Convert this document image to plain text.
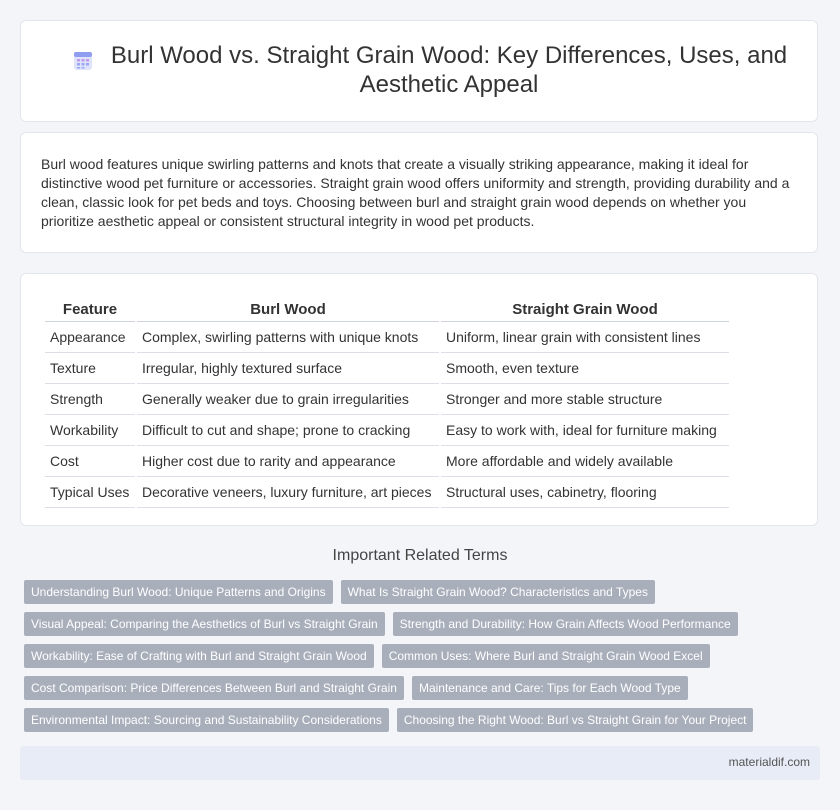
Burl Wood vs. Straight Grain Wood: Key Differences, Uses, and Aesthetic Appeal

Burl wood features unique swirling patterns and knots that create a visually striking appearance, making it ideal for distinctive wood pet furniture or accessories. Straight grain wood offers uniformity and strength, providing durability and a clean, classic look for pet beds and toys. Choosing between burl and straight grain wood depends on whether you prioritize aesthetic appeal or consistent structural integrity in wood pet products.

Feature	Burl Wood	Straight Grain Wood
Appearance	Complex, swirling patterns with unique knots	Uniform, linear grain with consistent lines
Texture	Irregular, highly textured surface	Smooth, even texture
Strength	Generally weaker due to grain irregularities	Stronger and more stable structure
Workability	Difficult to cut and shape; prone to cracking	Easy to work with, ideal for furniture making
Cost	Higher cost due to rarity and appearance	More affordable and widely available
Typical Uses	Decorative veneers, luxury furniture, art pieces	Structural uses, cabinetry, flooring
Important Related Terms
Understanding Burl Wood: Unique Patterns and Origins	What Is Straight Grain Wood? Characteristics and Types
Visual Appeal: Comparing the Aesthetics of Burl vs Straight Grain	Strength and Durability: How Grain Affects Wood Performance
Workability: Ease of Crafting with Burl and Straight Grain Wood	Common Uses: Where Burl and Straight Grain Wood Excel
Cost Comparison: Price Differences Between Burl and Straight Grain	Maintenance and Care: Tips for Each Wood Type
Environmental Impact: Sourcing and Sustainability Considerations	Choosing the Right Wood: Burl vs Straight Grain for Your Project
materialdif.com
